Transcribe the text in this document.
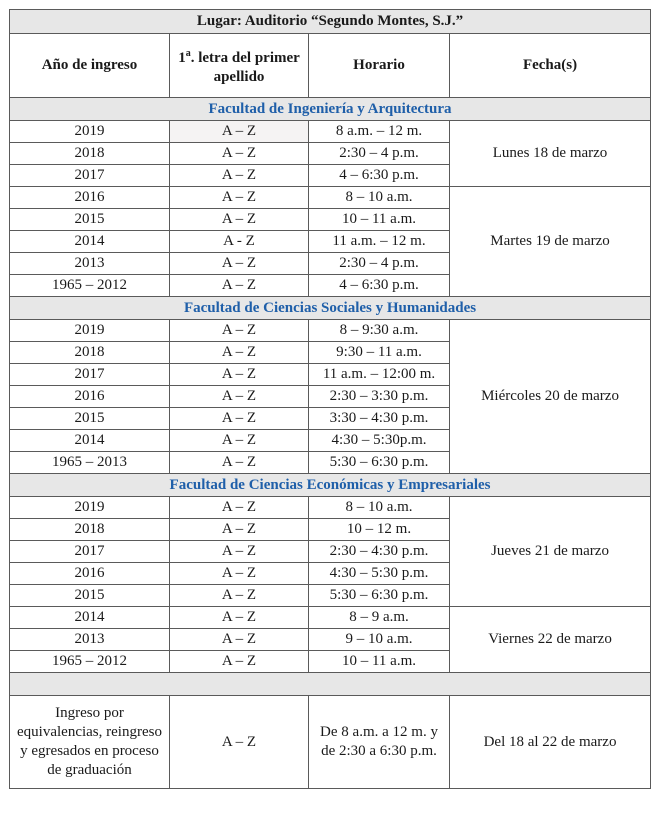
Lugar: Auditorio “Segundo Montes, S.J.”			
Año de ingreso	1$^a$. letra del primer apellido	Horario	Fecha(s)
Facultad de Ingeniería y Arquitectura			
2019	A – Z	8 a.m. – 12 m.	Lunes 18 de marzo
2018	A – Z	2:30 – 4 p.m.	
2017	A – Z	4 – 6:30 p.m.	
2016	A – Z	8 – 10 a.m.	Martes 19 de marzo
2015	A – Z	10 – 11 a.m.	
2014	A - Z	11 a.m. – 12 m.	
2013	A – Z	2:30 – 4 p.m.	
1965 – 2012	A – Z	4 – 6:30 p.m.	
Facultad de Ciencias Sociales y Humanidades			
2019	A – Z	8 – 9:30 a.m.	Miércoles 20 de marzo
2018	A – Z	9:30 – 11 a.m.	
2017	A – Z	11 a.m. – 12:00 m.	
2016	A – Z	2:30 – 3:30 p.m.	
2015	A – Z	3:30 – 4:30 p.m.	
2014	A – Z	4:30 – 5:30p.m.	
1965 – 2013	A – Z	5:30 – 6:30 p.m.	
Facultad de Ciencias Económicas y Empresariales			
2019	A – Z	8 – 10 a.m.	Jueves 21 de marzo
2018	A – Z	10 – 12 m.	
2017	A – Z	2:30 – 4:30 p.m.	
2016	A – Z	4:30 – 5:30 p.m.	
2015	A – Z	5:30 – 6:30 p.m.	
2014	A – Z	8 – 9 a.m.	Viernes 22 de marzo
2013	A – Z	9 – 10 a.m.	
1965 – 2012	A – Z	10 – 11 a.m.	

Ingreso por equivalencias, reingreso y egresados en proceso de graduación	A – Z	De 8 a.m. a 12 m. y de 2:30 a 6:30 p.m.	Del 18 al 22 de marzo
